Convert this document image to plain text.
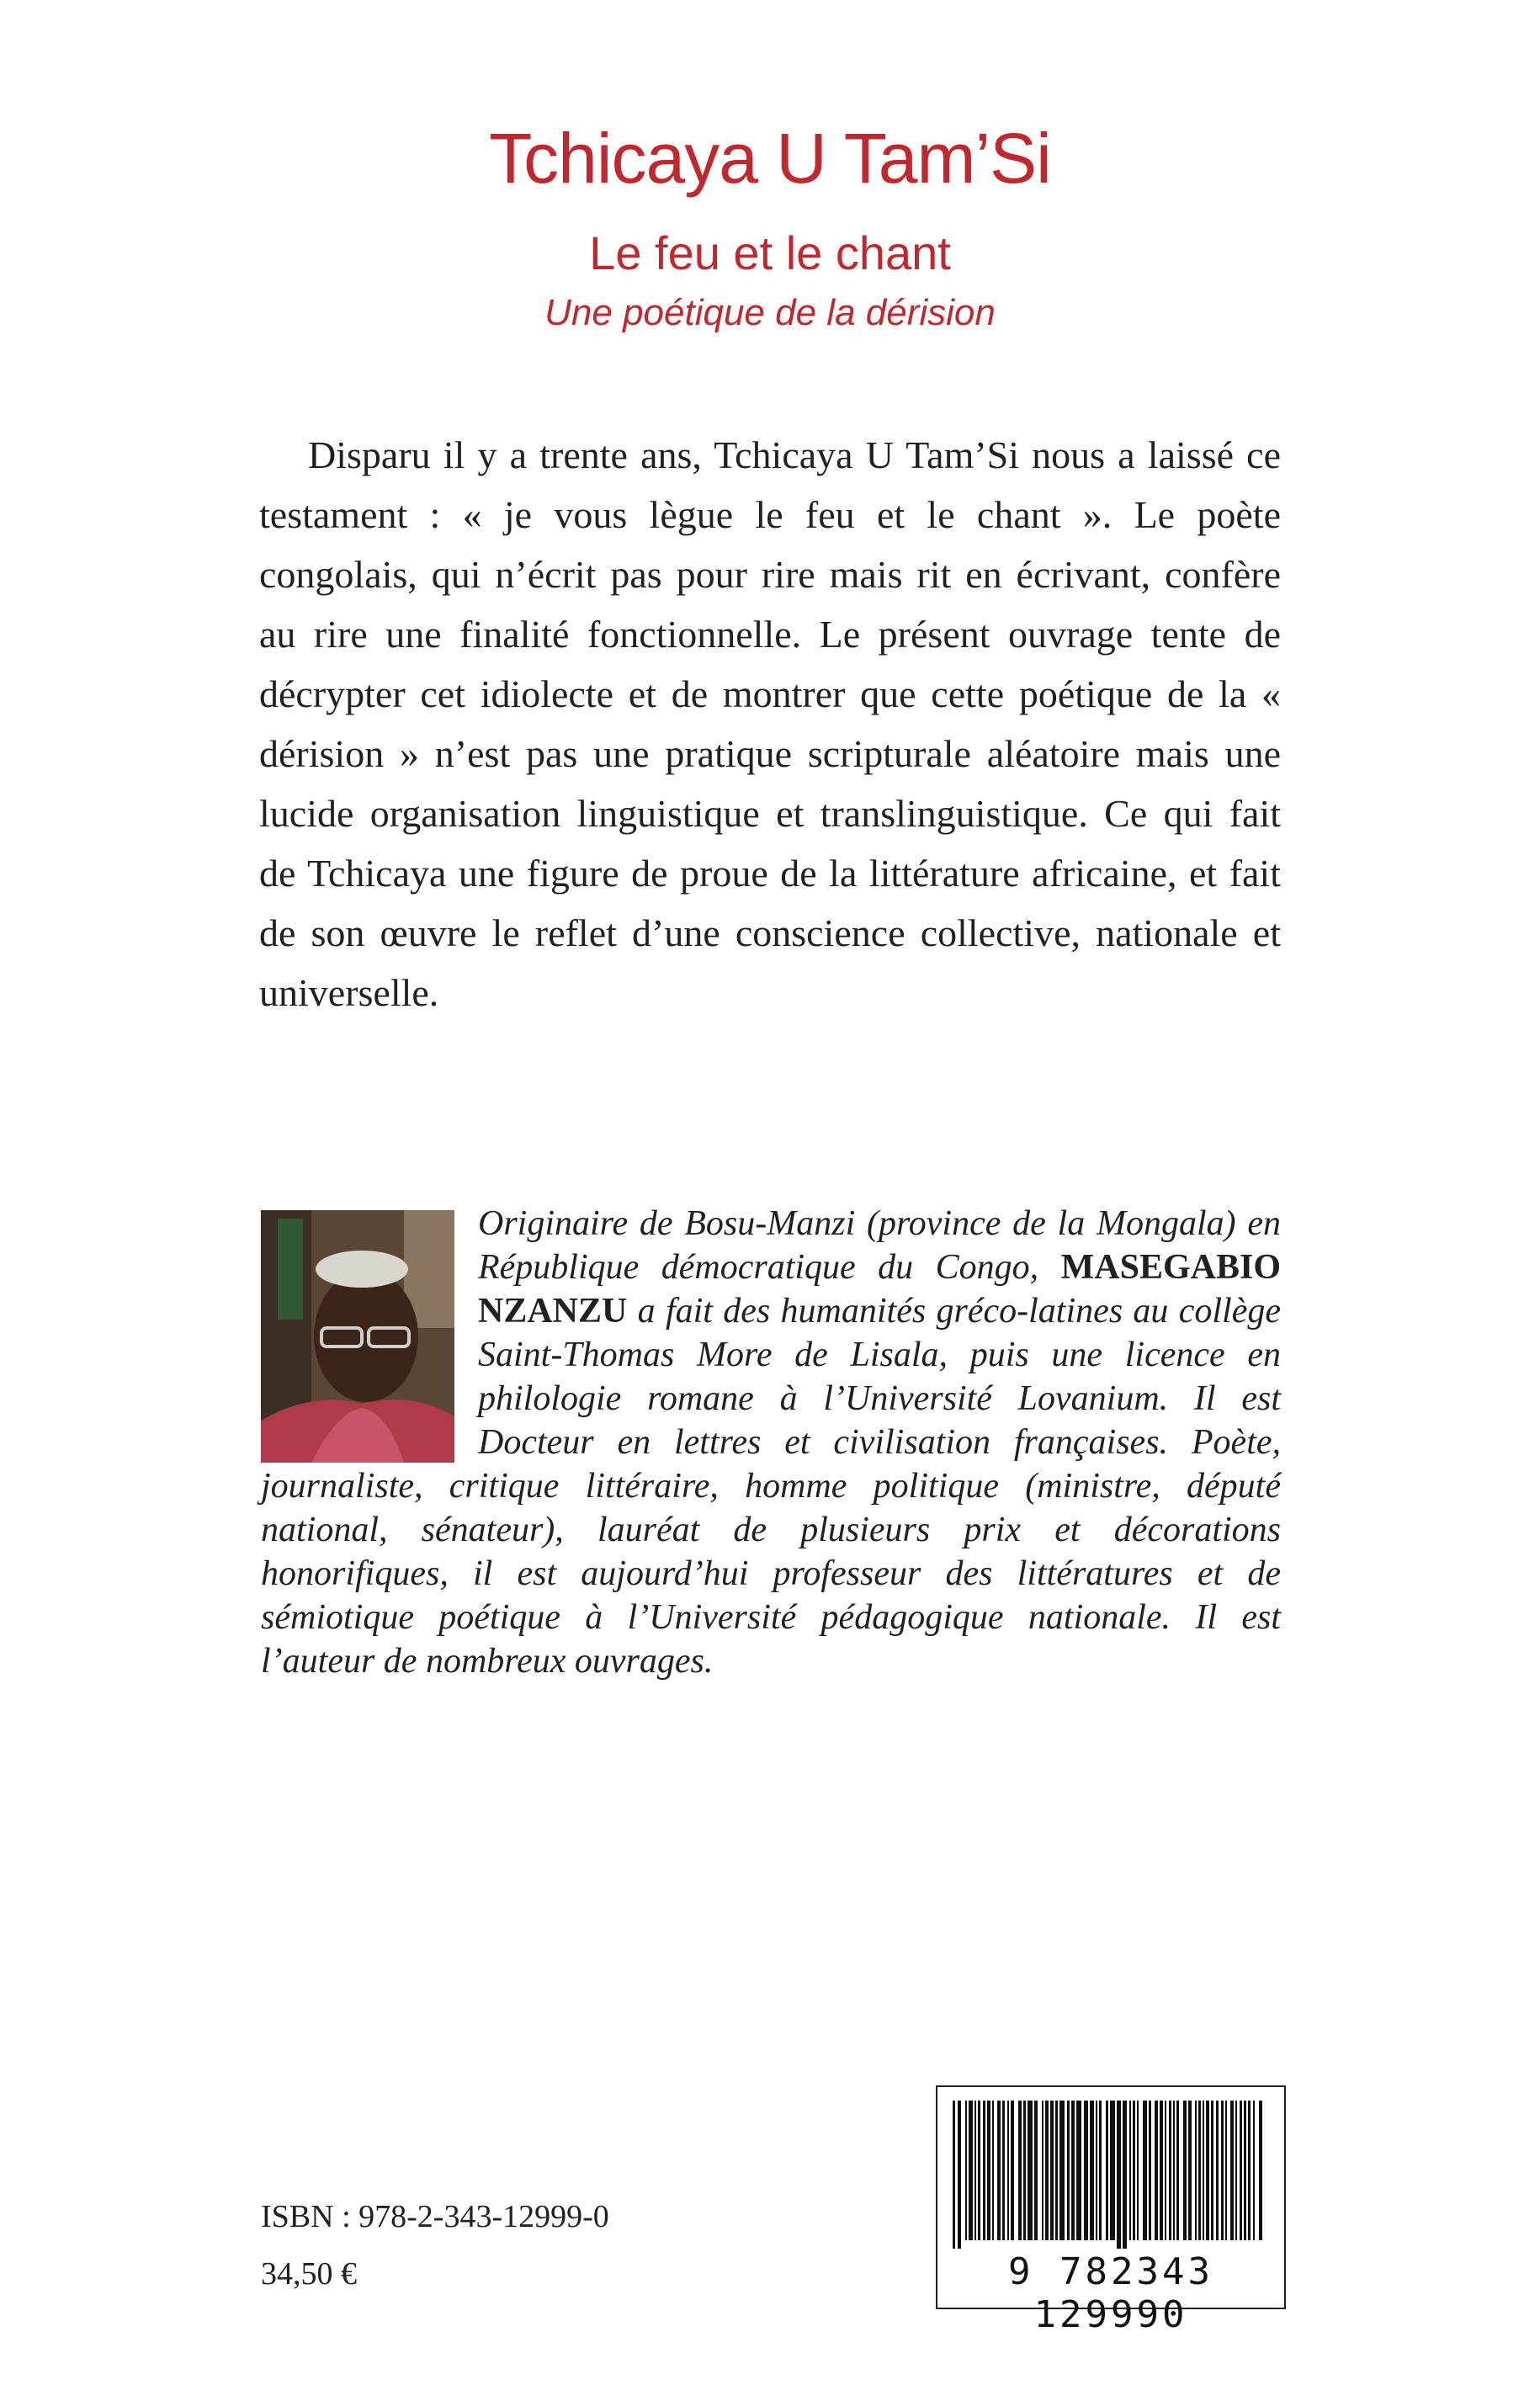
Tchicaya U Tam’Si
Le feu et le chant
Une poétique de la dérision

Disparu il y a trente ans, Tchicaya U Tam’Si nous a laissé ce testament : « je vous lègue le feu et le chant ». Le poète congolais, qui n’écrit pas pour rire mais rit en écrivant, confère au rire une finalité fonctionnelle. Le présent ouvrage tente de décrypter cet idiolecte et de montrer que cette poétique de la « dérision » n’est pas une pratique scripturale aléatoire mais une lucide organisation linguistique et translinguistique. Ce qui fait de Tchicaya une figure de proue de la littérature africaine, et fait de son œuvre le reflet d’une conscience collective, nationale et universelle.

Originaire de Bosu-Manzi (province de la Mongala) en République démocratique du Congo, MASEGABIO NZANZU a fait des humanités gréco-latines au collège Saint-Thomas More de Lisala, puis une licence en philologie romane à l’Université Lovanium. Il est Docteur en lettres et civilisation françaises. Poète, journaliste, critique littéraire, homme politique (ministre, député national, sénateur), lauréat de plusieurs prix et décorations honorifiques, il est aujourd’hui professeur des littératures et de sémiotique poétique à l’Université pédagogique nationale. Il est l’auteur de nombreux ouvrages.

ISBN : 978-2-343-12999-0
34,50 €	9 782343 129990
